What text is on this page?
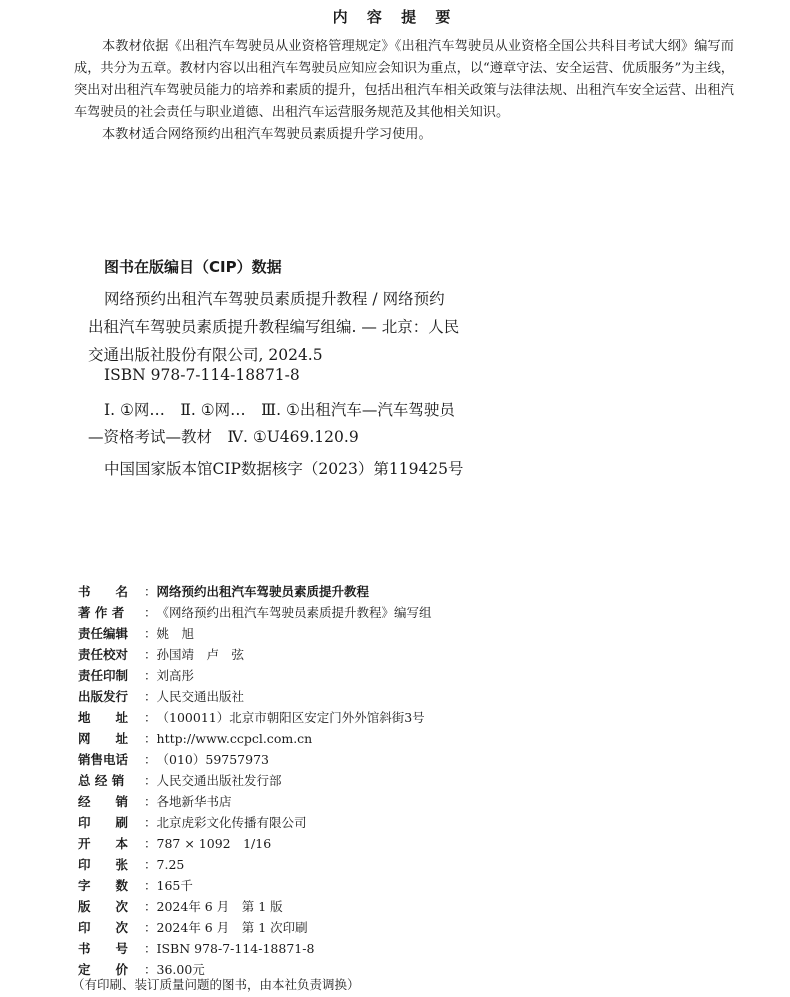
内 容 提 要

本教材依据《出租汽车驾驶员从业资格管理规定》《出租汽车驾驶员从业资格全国公共科目考试大纲》编写而成，共分为五章。教材内容以出租汽车驾驶员应知应会知识为重点，以“遵章守法、安全运营、优质服务”为主线，突出对出租汽车驾驶员能力的培养和素质的提升，包括出租汽车相关政策与法律法规、出租汽车安全运营、出租汽车驾驶员的社会责任与职业道德、出租汽车运营服务规范及其他相关知识。

本教材适合网络预约出租汽车驾驶员素质提升学习使用。

图书在版编目（CIP）数据
网络预约出租汽车驾驶员素质提升教程 / 网络预约
出租汽车驾驶员素质提升教程编写组编. — 北京：人民
交通出版社股份有限公司, 2024.5
ISBN 978-7-114-18871-8
Ⅰ. ①网…　Ⅱ. ①网…　Ⅲ. ①出租汽车—汽车驾驶员
—资格考试—教材　Ⅳ. ①U469.120.9
中国国家版本馆CIP数据核字（2023）第119425号
书　　名 ：网络预约出租汽车驾驶员素质提升教程
著 作 者 ：《网络预约出租汽车驾驶员素质提升教程》编写组
责任编辑 ：姚　旭
责任校对 ：孙国靖　卢　弦
责任印制 ：刘高彤
出版发行 ：人民交通出版社
地　　址 ：（100011）北京市朝阳区安定门外外馆斜街3号
网　　址 ：http://www.ccpcl.com.cn
销售电话 ：（010）59757973
总 经 销 ：人民交通出版社发行部
经　　销 ：各地新华书店
印　　刷 ：北京虎彩文化传播有限公司
开　　本 ：787 × 1092　1/16
印　　张 ：7.25
字　　数 ：165千
版　　次 ：2024年 6 月　第 1 版
印　　次 ：2024年 6 月　第 1 次印刷
书　　号 ：ISBN 978-7-114-18871-8
定　　价 ：36.00元
（有印刷、装订质量问题的图书，由本社负责调换）
